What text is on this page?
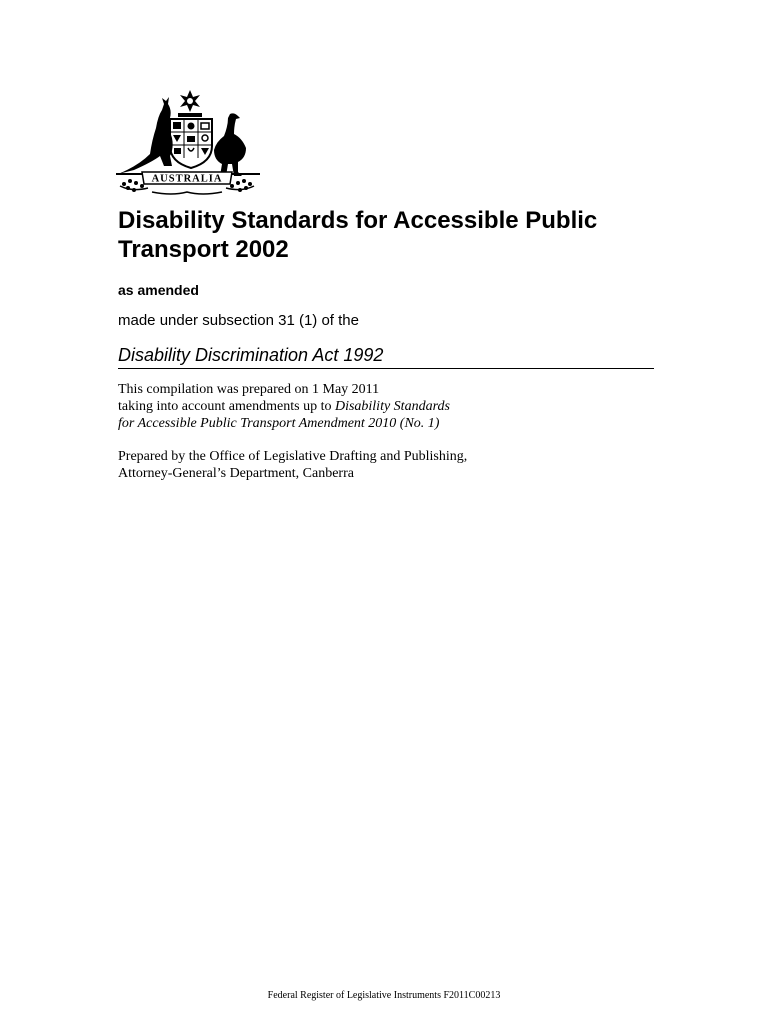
AUSTRALIA
Disability Standards for Accessible Public Transport 2002

as amended

made under subsection 31 (1) of the

Disability Discrimination Act 1992

This compilation was prepared on 1 May 2011

taking into account amendments up to Disability Standards

for Accessible Public Transport Amendment 2010 (No. 1)

Prepared by the Office of Legislative Drafting and Publishing,

Attorney-General’s Department, Canberra

Federal Register of Legislative Instruments F2011C00213
